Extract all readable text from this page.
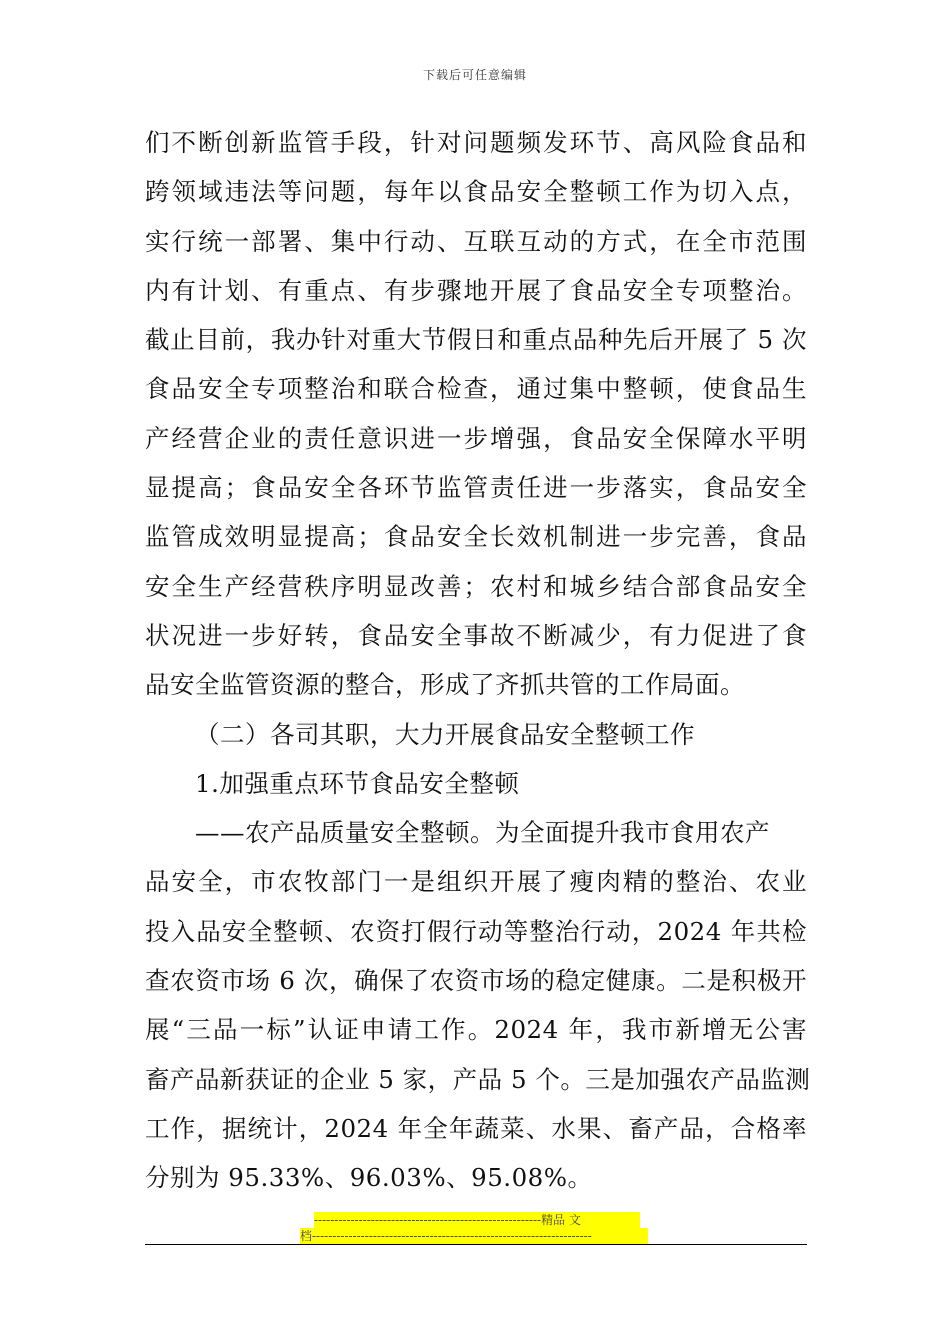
下载后可任意编辑
们不断创新监管手段，针对问题频发环节、高风险食品和
跨领域违法等问题，每年以食品安全整顿工作为切入点，
实行统一部署、集中行动、互联互动的方式，在全市范围
内有计划、有重点、有步骤地开展了食品安全专项整治。
截止目前，我办针对重大节假日和重点品种先后开展了 5 次
食品安全专项整治和联合检查，通过集中整顿，使食品生
产经营企业的责任意识进一步增强，食品安全保障水平明
显提高；食品安全各环节监管责任进一步落实，食品安全
监管成效明显提高；食品安全长效机制进一步完善，食品
安全生产经营秩序明显改善；农村和城乡结合部食品安全
状况进一步好转，食品安全事故不断减少，有力促进了食
品安全监管资源的整合，形成了齐抓共管的工作局面。
（二）各司其职，大力开展食品安全整顿工作
1.加强重点环节食品安全整顿
——农产品质量安全整顿。为全面提升我市食用农产
品安全，市农牧部门一是组织开展了瘦肉精的整治、农业
投入品安全整顿、农资打假行动等整治行动，2024 年共检
查农资市场 6 次，确保了农资市场的稳定健康。二是积极开
展“三品一标”认证申请工作。2024 年，我市新增无公害
畜产品新获证的企业 5 家，产品 5 个。三是加强农产品监测
工作，据统计，2024 年全年蔬菜、水果、畜产品，合格率
分别为 95.33%、96.03%、95.08%。
--------------------------------------------------------精品 文
档---------------------------------------------------------------------
